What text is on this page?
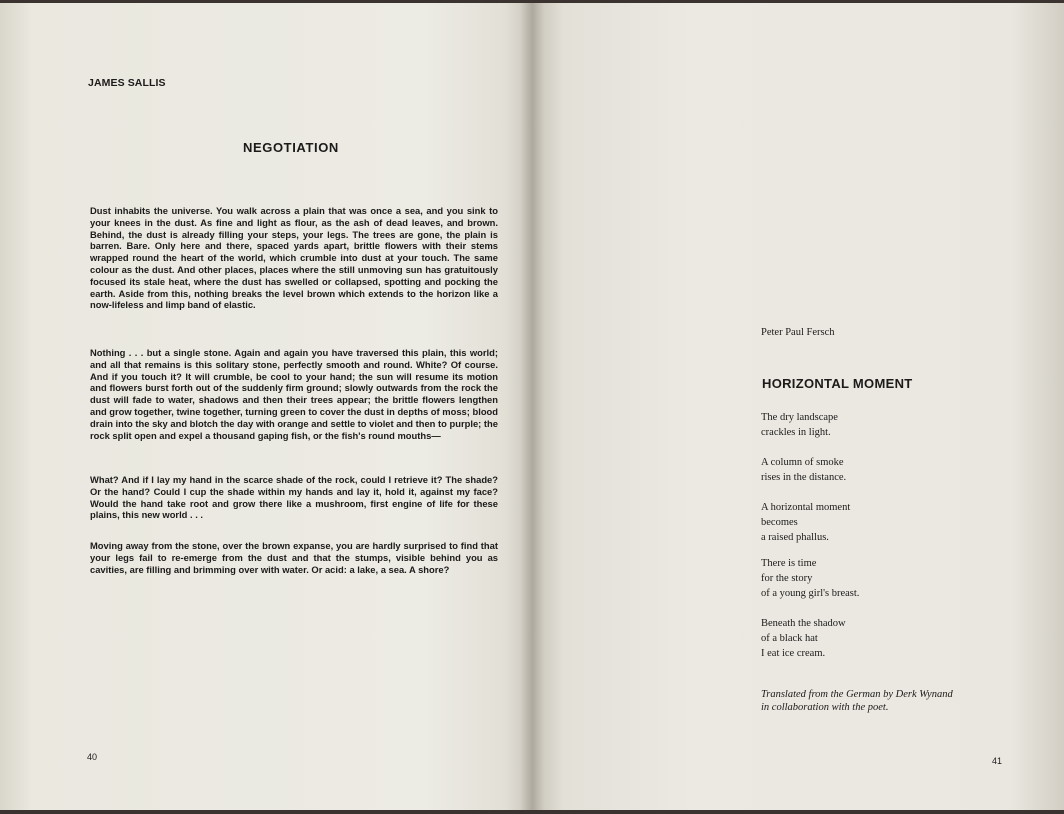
JAMES SALLIS
NEGOTIATION
Dust inhabits the universe. You walk across a plain that was once a sea, and you sink to your knees in the dust. As fine and light as flour, as the ash of dead leaves, and brown. Behind, the dust is already filling your steps, your legs. The trees are gone, the plain is barren. Bare. Only here and there, spaced yards apart, brittle flowers with their stems wrapped round the heart of the world, which crumble into dust at your touch. The same colour as the dust. And other places, places where the still unmoving sun has gratuitously focused its stale heat, where the dust has swelled or collapsed, spotting and pocking the earth. Aside from this, nothing breaks the level brown which extends to the horizon like a now-lifeless and limp band of elastic.
Nothing . . . but a single stone. Again and again you have traversed this plain, this world; and all that remains is this solitary stone, perfectly smooth and round. White? Of course. And if you touch it? It will crumble, be cool to your hand; the sun will resume its motion and flowers burst forth out of the suddenly firm ground; slowly outwards from the rock the dust will fade to water, shadows and then their trees appear; the brittle flowers lengthen and grow together, twine together, turning green to cover the dust in depths of moss; blood drain into the sky and blotch the day with orange and settle to violet and then to purple; the rock split open and expel a thousand gaping fish, or the fish's round mouths—
What? And if I lay my hand in the scarce shade of the rock, could I retrieve it? The shade? Or the hand? Could I cup the shade within my hands and lay it, hold it, against my face? Would the hand take root and grow there like a mushroom, first engine of life for these plains, this new world . . .
Moving away from the stone, over the brown expanse, you are hardly surprised to find that your legs fail to re-emerge from the dust and that the stumps, visible behind you as cavities, are filling and brimming over with water. Or acid: a lake, a sea. A shore?
40
Peter Paul Fersch
HORIZONTAL MOMENT
The dry landscape
crackles in light.
A column of smoke
rises in the distance.
A horizontal moment
becomes
a raised phallus.
There is time
for the story
of a young girl's breast.
Beneath the shadow
of a black hat
I eat ice cream.
Translated from the German by Derk Wynand
in collaboration with the poet.
41
